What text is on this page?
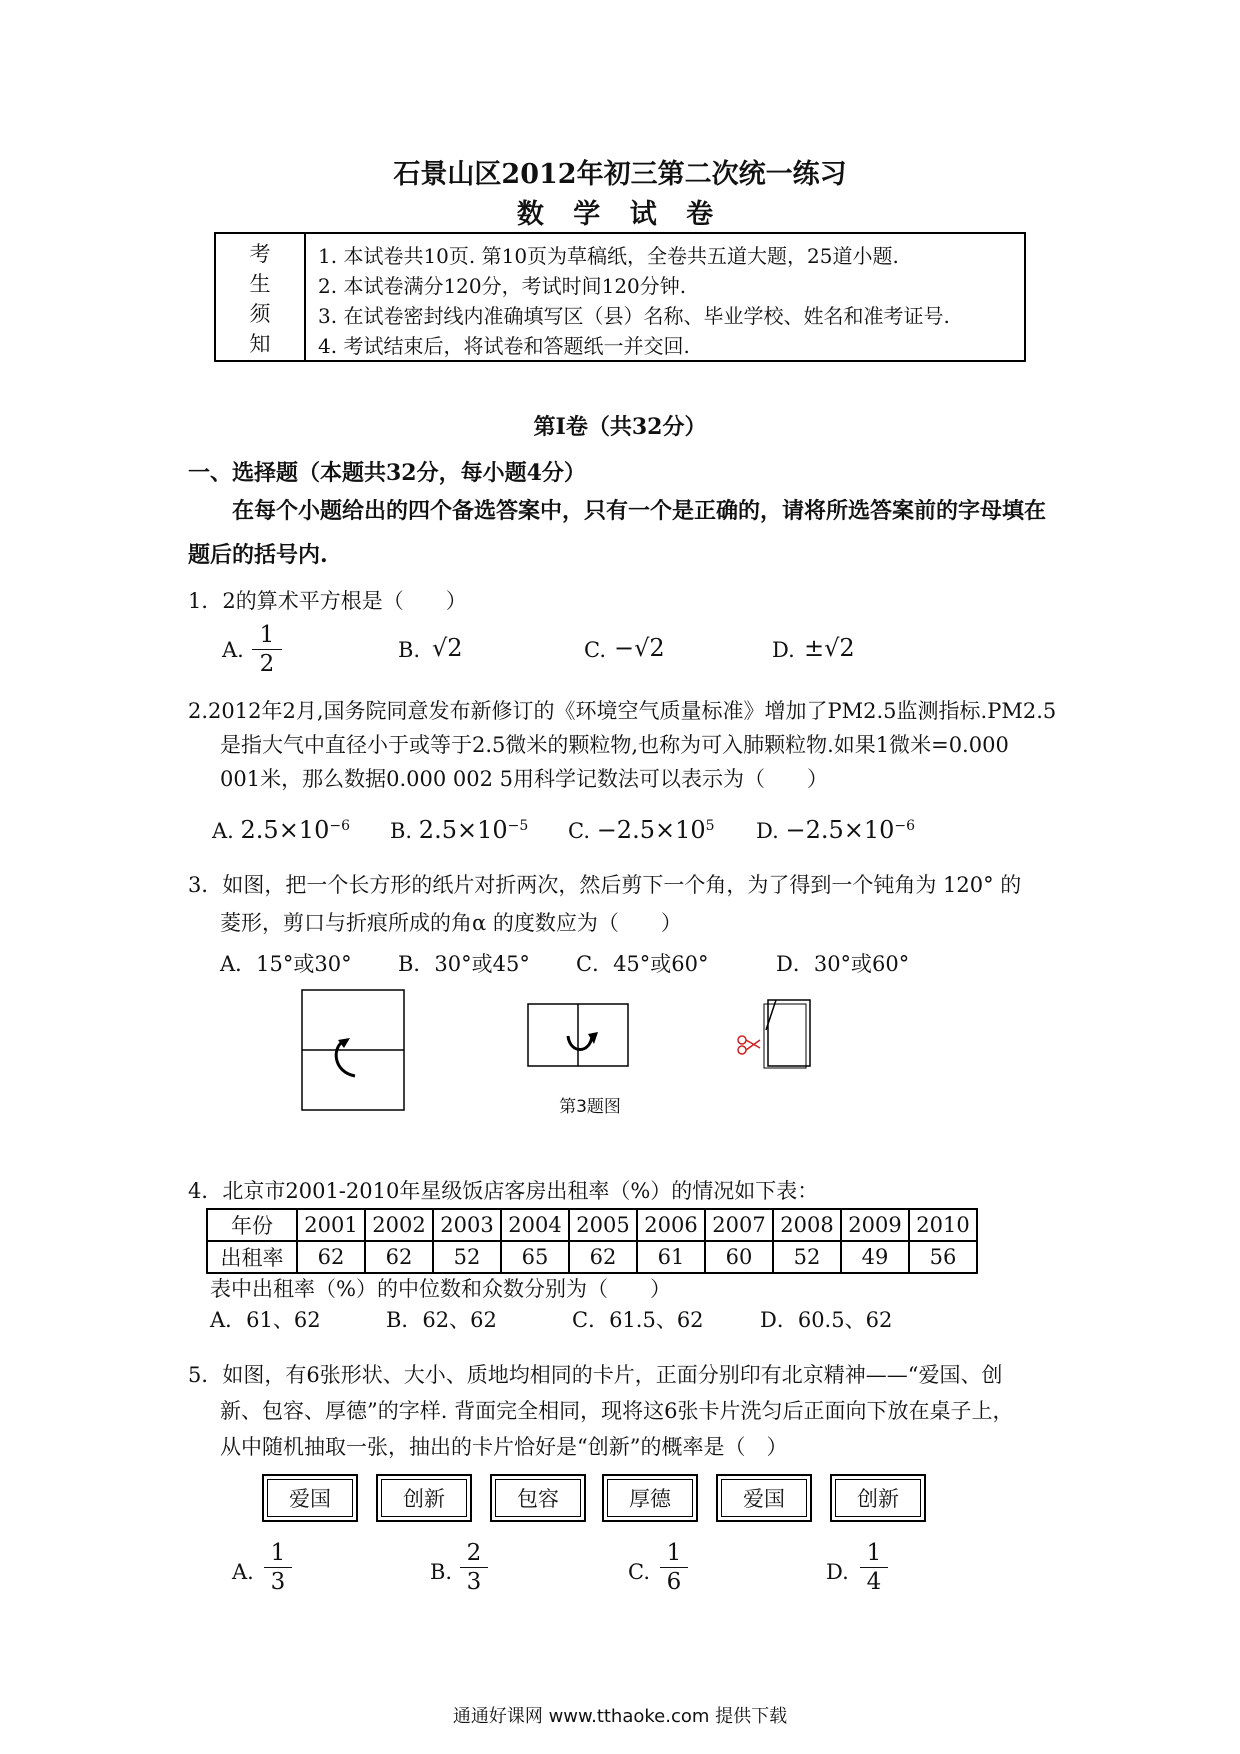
石景山区2012年初三第二次统一练习
数 学 试 卷
考
生
须
知
1. 本试卷共10页. 第10页为草稿纸，全卷共五道大题，25道小题.
2. 本试卷满分120分，考试时间120分钟.
3. 在试卷密封线内准确填写区（县）名称、毕业学校、姓名和准考证号.
4. 考试结束后，将试卷和答题纸一并交回.
第Ⅰ卷（共32分）
一、选择题（本题共32分，每小题4分）
在每个小题给出的四个备选答案中，只有一个是正确的，请将所选答案前的字母填在
题后的括号内.
1．2的算术平方根是（　　）
A.
1
2
B. √2	C. −√2	D. ±√2
2.2012年2月,国务院同意发布新修订的《环境空气质量标准》增加了PM2.5监测指标.PM2.5
是指大气中直径小于或等于2.5微米的颗粒物,也称为可入肺颗粒物.如果1微米=0.000
001米，那么数据0.000 002 5用科学记数法可以表示为（　　）
A. $2.5\times 10^{-6}$ B. $2.5\times 10^{-5}$ C. $-2.5\times 10^5$ D. $-2.5\times 10^{-6}$
3．如图，把一个长方形的纸片对折两次，然后剪下一个角，为了得到一个钝角为 120° 的
菱形，剪口与折痕所成的角α 的度数应为（　　）
A．15°或30° B．30°或45° C．45°或60°	D．30°或60°
第3题图
4．北京市2001-2010年星级饭店客房出租率（%）的情况如下表：
年份	2001	2002	2003	2004	2005	2006	2007	2008	2009	2010
出租率	62	62	52	65	62	61	60	52	49	56
表中出租率（%）的中位数和众数分别为（　　）
A．61、62	B．62、62	C．61.5、62	D．60.5、62
5．如图，有6张形状、大小、质地均相同的卡片，正面分别印有北京精神——“爱国、创
新、包容、厚德”的字样. 背面完全相同，现将这6张卡片洗匀后正面向下放在桌子上，
从中随机抽取一张，抽出的卡片恰好是“创新”的概率是（　）
爱国	创新	包容	厚德	爱国	创新
A.
1
3	B.
2
3	C.
1
6	D.
1
4
通通好课网 www.tthaoke.com 提供下载
